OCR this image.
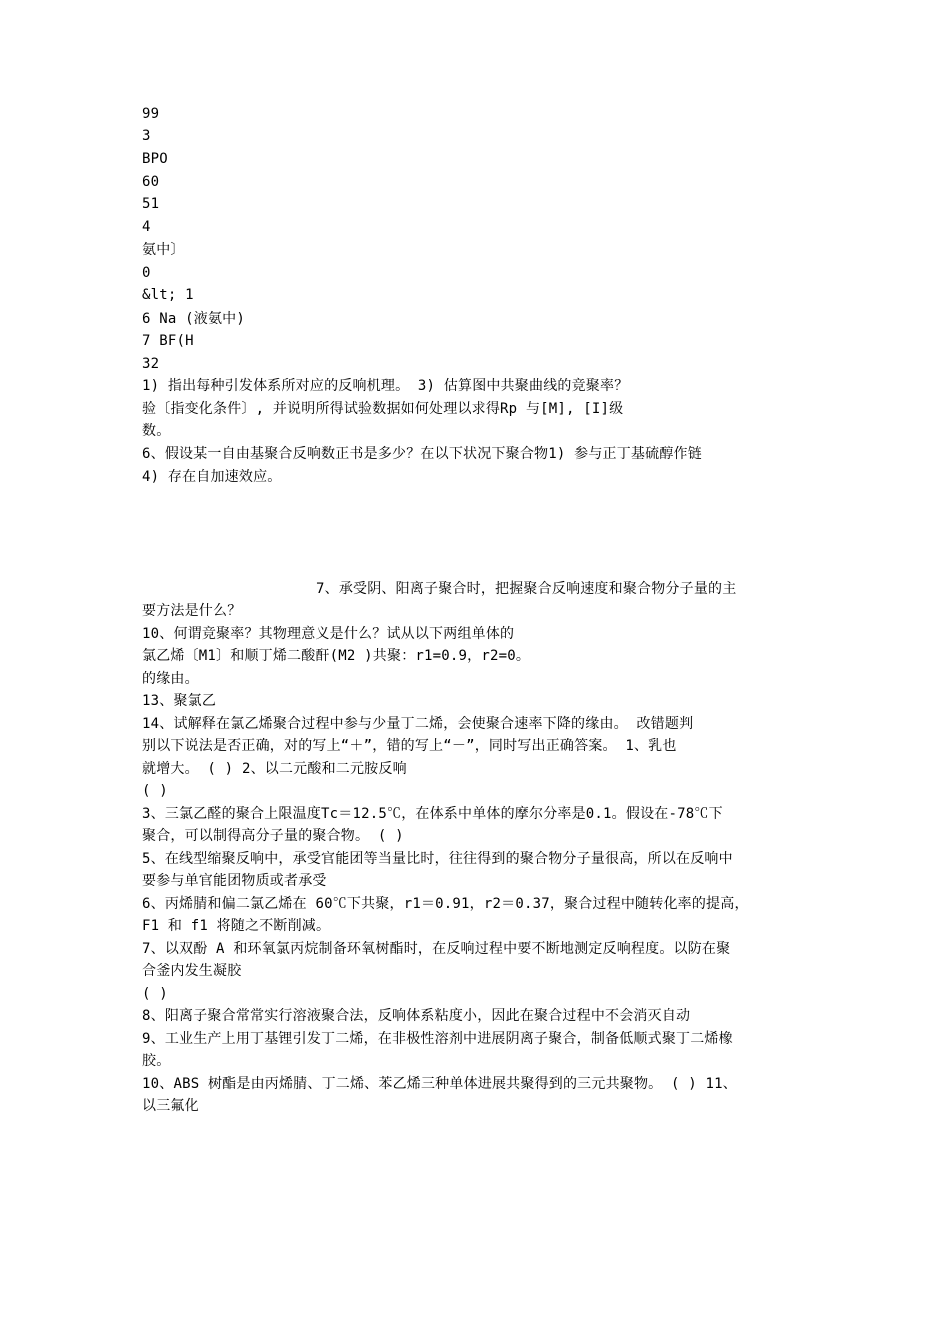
99
3
BPO
60
51
4
氨中〕
0
&lt; 1
6 Na (液氨中)
7 BF(H
32
1) 指出每种引发体系所对应的反响机理。 3) 估算图中共聚曲线的竞聚率？
验〔指变化条件〕, 并说明所得试验数据如何处理以求得Rp 与[M], [I]级
数。
6、假设某一自由基聚合反响数正书是多少？在以下状况下聚合物1) 参与正丁基硫醇作链
4) 存在自加速效应。
7、承受阴、阳离子聚合时，把握聚合反响速度和聚合物分子量的主
要方法是什么？
10、何谓竞聚率？其物理意义是什么？试从以下两组单体的
氯乙烯〔M1〕和顺丁烯二酸酐(M2 )共聚：r1=0.9，r2=0。
的缘由。
13、聚氯乙
14、试解释在氯乙烯聚合过程中参与少量丁二烯，会使聚合速率下降的缘由。 改错题判
别以下说法是否正确，对的写上“＋”，错的写上“－”，同时写出正确答案。 1、乳也
就增大。 ( ) 2、以二元酸和二元胺反响
( )
3、三氯乙醛的聚合上限温度Tc＝12.5℃，在体系中单体的摩尔分率是0.1。假设在-78℃下
聚合，可以制得高分子量的聚合物。 ( )
5、在线型缩聚反响中，承受官能团等当量比时，往往得到的聚合物分子量很高，所以在反响中
要参与单官能团物质或者承受
6、丙烯腈和偏二氯乙烯在 60℃下共聚，r1＝0.91，r2＝0.37，聚合过程中随转化率的提高，
F1 和 f1 将随之不断削减。
7、以双酚 A 和环氧氯丙烷制备环氧树酯时，在反响过程中要不断地测定反响程度。以防在聚
合釜内发生凝胶
( )
8、阳离子聚合常常实行溶液聚合法，反响体系粘度小，因此在聚合过程中不会消灭自动
9、工业生产上用丁基锂引发丁二烯，在非极性溶剂中进展阴离子聚合，制备低顺式聚丁二烯橡
胶。
10、ABS 树酯是由丙烯腈、丁二烯、苯乙烯三种单体进展共聚得到的三元共聚物。 ( ) 11、
以三氟化
